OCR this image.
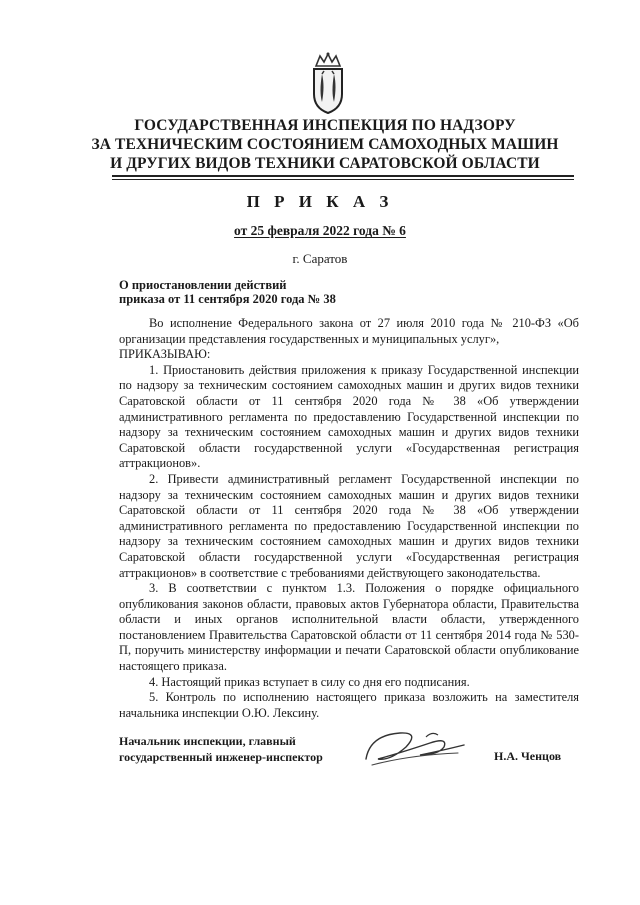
ГОСУДАРСТВЕННАЯ ИНСПЕКЦИЯ ПО НАДЗОРУ
ЗА ТЕХНИЧЕСКИМ СОСТОЯНИЕМ САМОХОДНЫХ МАШИН
И ДРУГИХ ВИДОВ ТЕХНИКИ САРАТОВСКОЙ ОБЛАСТИ
П Р И К А З
от 25 февраля 2022 года № 6
г. Саратов
О приостановлении действий
приказа от 11 сентября 2020 года № 38

Во исполнение Федерального закона от 27 июля 2010 года № 210-ФЗ «Об организации представления государственных и муниципальных услуг»,

ПРИКАЗЫВАЮ:

1. Приостановить действия приложения к приказу Государственной инспекции по надзору за техническим состоянием самоходных машин и других видов техники Саратовской области от 11 сентября 2020 года № 38 «Об утверждении административного регламента по предоставлению Государственной инспекции по надзору за техническим состоянием самоходных машин и других видов техники Саратовской области государственной услуги «Государственная регистрация аттракционов».

2. Привести административный регламент Государственной инспекции по надзору за техническим состоянием самоходных машин и других видов техники Саратовской области от 11 сентября 2020 года № 38 «Об утверждении административного регламента по предоставлению Государственной инспекции по надзору за техническим состоянием самоходных машин и других видов техники Саратовской области государственной услуги «Государственная регистрация аттракционов» в соответствие с требованиями действующего законодательства.

3. В соответствии с пунктом 1.3. Положения о порядке официального опубликования законов области, правовых актов Губернатора области, Правительства области и иных органов исполнительной власти области, утвержденного постановлением Правительства Саратовской области от 11 сентября 2014 года № 530-П, поручить министерству информации и печати Саратовской области опубликование настоящего приказа.

4. Настоящий приказ вступает в силу со дня его подписания.

5. Контроль по исполнению настоящего приказа возложить на заместителя начальника инспекции О.Ю. Лексину.

Начальник инспекции, главный
государственный инженер-инспектор	Н.А. Ченцов
